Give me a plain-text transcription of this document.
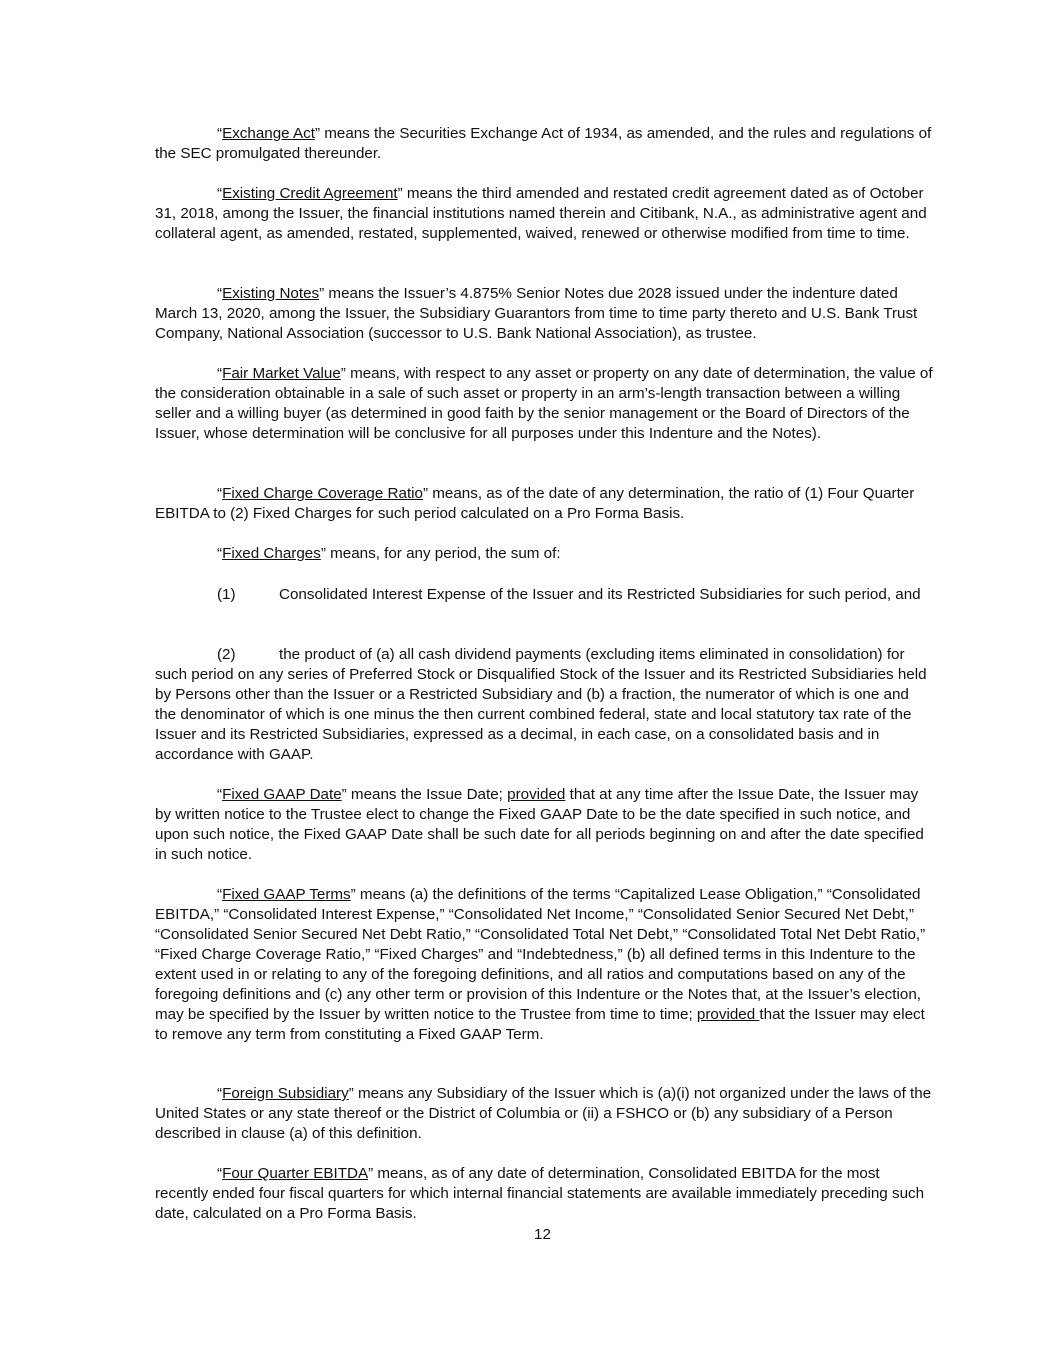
“Exchange Act” means the Securities Exchange Act of 1934, as amended, and the rules and regulations of the SEC promulgated thereunder.

“Existing Credit Agreement” means the third amended and restated credit agreement dated as of October 31, 2018, among the Issuer, the financial institutions named therein and Citibank, N.A., as administrative agent and collateral agent, as amended, restated, supplemented, waived, renewed or otherwise modified from time to time.

“Existing Notes” means the Issuer’s 4.875% Senior Notes due 2028 issued under the indenture dated March 13, 2020, among the Issuer, the Subsidiary Guarantors from time to time party thereto and U.S. Bank Trust Company, National Association (successor to U.S. Bank National Association), as trustee.

“Fair Market Value” means, with respect to any asset or property on any date of determination, the value of the consideration obtainable in a sale of such asset or property in an arm’s-length transaction between a willing seller and a willing buyer (as determined in good faith by the senior management or the Board of Directors of the Issuer, whose determination will be conclusive for all purposes under this Indenture and the Notes).

“Fixed Charge Coverage Ratio” means, as of the date of any determination, the ratio of (1) Four Quarter EBITDA to (2) Fixed Charges for such period calculated on a Pro Forma Basis.

“Fixed Charges” means, for any period, the sum of:

(1)	Consolidated Interest Expense of the Issuer and its Restricted Subsidiaries for such period, and

(2)	the product of (a) all cash dividend payments (excluding items eliminated in consolidation) for such period on any series of Preferred Stock or Disqualified Stock of the Issuer and its Restricted Subsidiaries held by Persons other than the Issuer or a Restricted Subsidiary and (b) a fraction, the numerator of which is one and the denominator of which is one minus the then current combined federal, state and local statutory tax rate of the Issuer and its Restricted Subsidiaries, expressed as a decimal, in each case, on a consolidated basis and in accordance with GAAP.

“Fixed GAAP Date” means the Issue Date; provided that at any time after the Issue Date, the Issuer may by written notice to the Trustee elect to change the Fixed GAAP Date to be the date specified in such notice, and upon such notice, the Fixed GAAP Date shall be such date for all periods beginning on and after the date specified in such notice.

“Fixed GAAP Terms” means (a) the definitions of the terms “Capitalized Lease Obligation,” “Consolidated EBITDA,” “Consolidated Interest Expense,” “Consolidated Net Income,” “Consolidated Senior Secured Net Debt,” “Consolidated Senior Secured Net Debt Ratio,” “Consolidated Total Net Debt,” “Consolidated Total Net Debt Ratio,” “Fixed Charge Coverage Ratio,” “Fixed Charges” and “Indebtedness,” (b) all defined terms in this Indenture to the extent used in or relating to any of the foregoing definitions, and all ratios and computations based on any of the foregoing definitions and (c) any other term or provision of this Indenture or the Notes that, at the Issuer’s election, may be specified by the Issuer by written notice to the Trustee from time to time; provided that the Issuer may elect to remove any term from constituting a Fixed GAAP Term.

“Foreign Subsidiary” means any Subsidiary of the Issuer which is (a)(i) not organized under the laws of the United States or any state thereof or the District of Columbia or (ii) a FSHCO or (b) any subsidiary of a Person described in clause (a) of this definition.

“Four Quarter EBITDA” means, as of any date of determination, Consolidated EBITDA for the most recently ended four fiscal quarters for which internal financial statements are available immediately preceding such date, calculated on a Pro Forma Basis.

12
